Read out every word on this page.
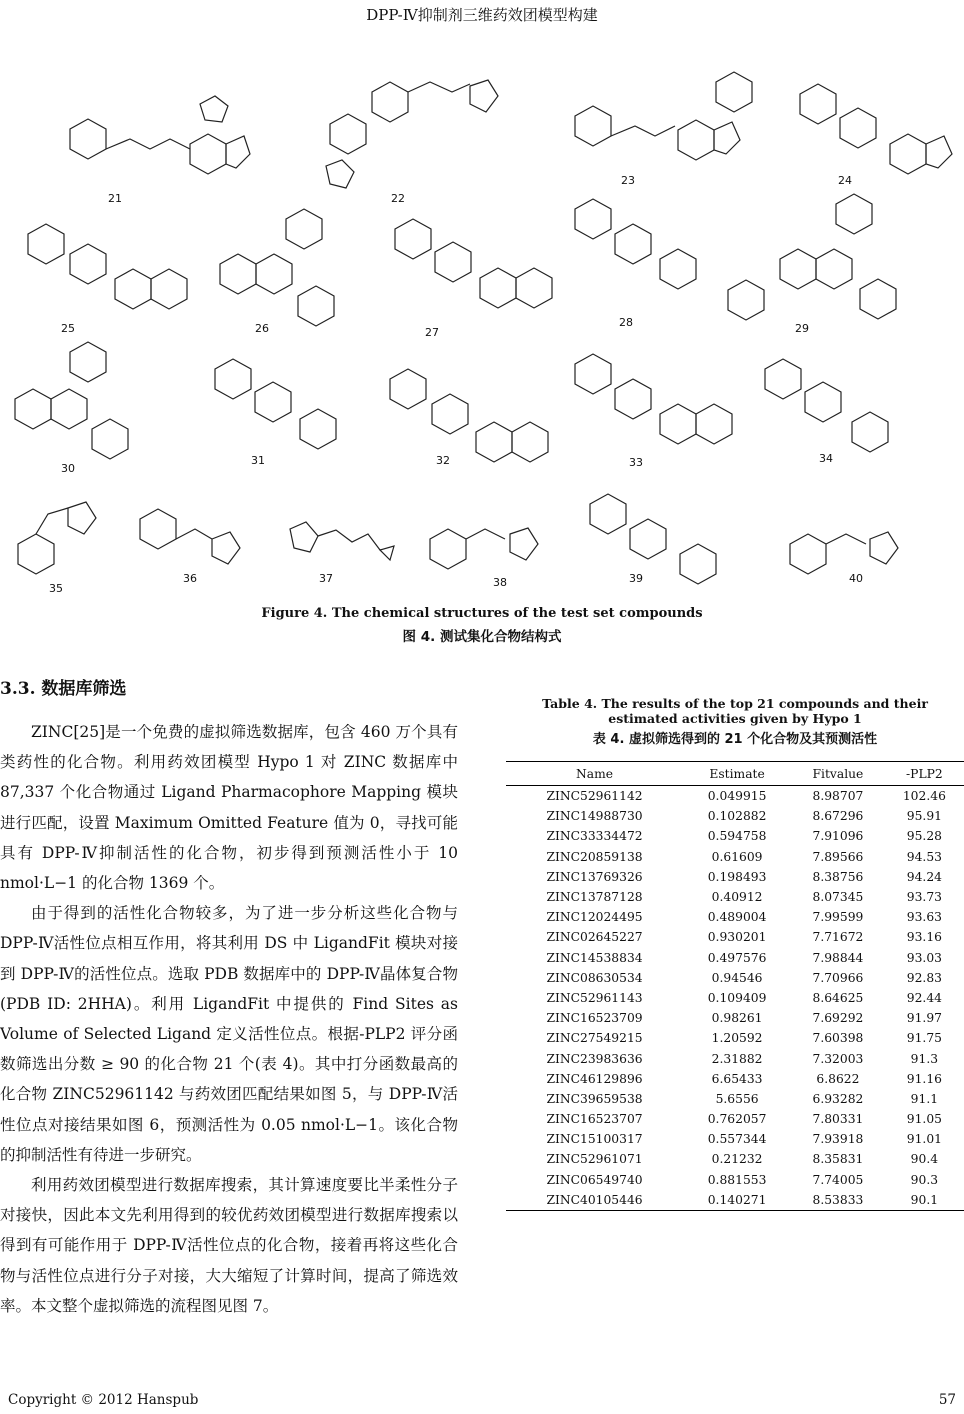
DPP-Ⅳ抑制剂三维药效团模型构建
21	22
23	24
25	26	27
28	29
30
31	32	33	34
35
36	37	38	39	40
Figure 4. The chemical structures of the test set compounds
图 4. 测试集化合物结构式
3.3. 数据库筛选

ZINC[25]是一个免费的虚拟筛选数据库，包含 460 万个具有类药性的化合物。利用药效团模型 Hypo 1 对 ZINC 数据库中 87,337 个化合物通过 Ligand Pharmacophore Mapping 模块进行匹配，设置 Maximum Omitted Feature 值为 0，寻找可能具有 DPP-Ⅳ抑制活性的化合物，初步得到预测活性小于 10 nmol·L−1 的化合物 1369 个。

由于得到的活性化合物较多，为了进一步分析这些化合物与 DPP-Ⅳ活性位点相互作用，将其利用 DS 中 LigandFit 模块对接到 DPP-Ⅳ的活性位点。选取 PDB 数据库中的 DPP-Ⅳ晶体复合物(PDB ID: 2HHA)。利用 LigandFit 中提供的 Find Sites as Volume of Selected Ligand 定义活性位点。根据-PLP2 评分函数筛选出分数 ≥ 90 的化合物 21 个(表 4)。其中打分函数最高的化合物 ZINC52961142 与药效团匹配结果如图 5，与 DPP-Ⅳ活性位点对接结果如图 6，预测活性为 0.05 nmol·L−1。该化合物的抑制活性有待进一步研究。

利用药效团模型进行数据库搜索，其计算速度要比半柔性分子对接快，因此本文先利用得到的较优药效团模型进行数据库搜索以得到有可能作用于 DPP-Ⅳ活性位点的化合物，接着再将这些化合物与活性位点进行分子对接，大大缩短了计算时间，提高了筛选效率。本文整个虚拟筛选的流程图见图 7。

Table 4. The results of the top 21 compounds and their estimated activities given by Hypo 1
表 4. 虚拟筛选得到的 21 个化合物及其预测活性
Name	Estimate	Fitvalue	-PLP2
ZINC52961142	0.049915	8.98707	102.46
ZINC14988730	0.102882	8.67296	95.91
ZINC33334472	0.594758	7.91096	95.28
ZINC20859138	0.61609	7.89566	94.53
ZINC13769326	0.198493	8.38756	94.24
ZINC13787128	0.40912	8.07345	93.73
ZINC12024495	0.489004	7.99599	93.63
ZINC02645227	0.930201	7.71672	93.16
ZINC14538834	0.497576	7.98844	93.03
ZINC08630534	0.94546	7.70966	92.83
ZINC52961143	0.109409	8.64625	92.44
ZINC16523709	0.98261	7.69292	91.97
ZINC27549215	1.20592	7.60398	91.75
ZINC23983636	2.31882	7.32003	91.3
ZINC46129896	6.65433	6.8622	91.16
ZINC39659538	5.6556	6.93282	91.1
ZINC16523707	0.762057	7.80331	91.05
ZINC15100317	0.557344	7.93918	91.01
ZINC52961071	0.21232	8.35831	90.4
ZINC06549740	0.881553	7.74005	90.3
ZINC40105446	0.140271	8.53833	90.1
Copyright © 2012 Hanspub	57
